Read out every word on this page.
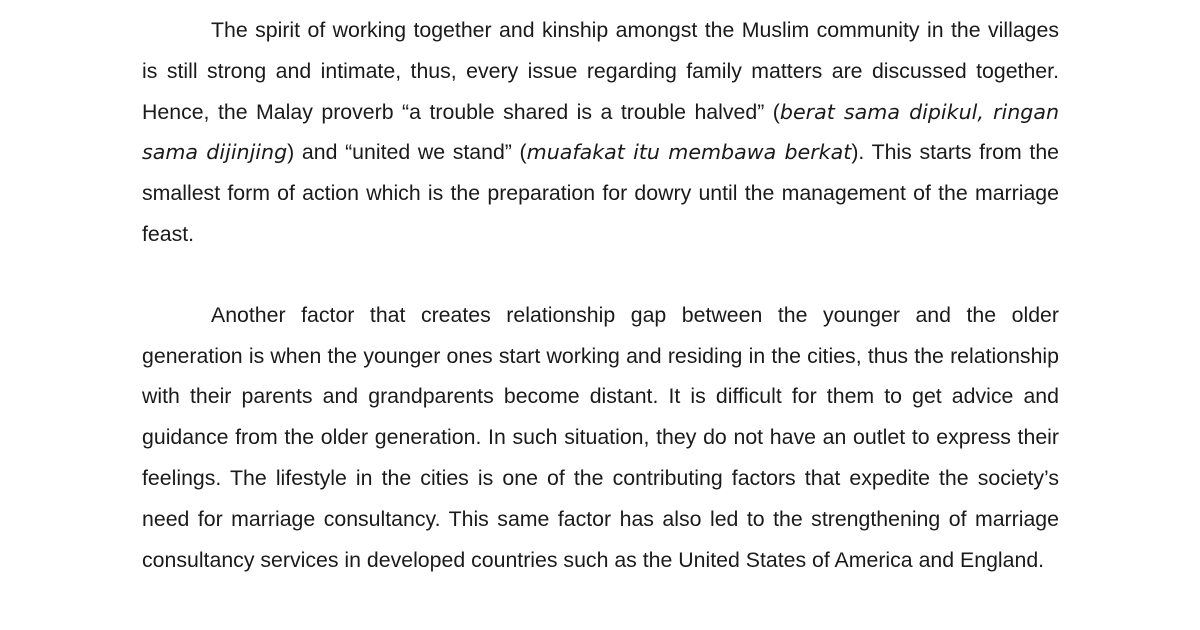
The spirit of working together and kinship amongst the Muslim community in the villages is still strong and intimate, thus, every issue regarding family matters are discussed together. Hence, the Malay proverb “a trouble shared is a trouble halved” (berat sama dipikul, ringan sama dijinjing) and “united we stand” (muafakat itu membawa berkat). This starts from the smallest form of action which is the preparation for dowry until the management of the marriage feast.

Another factor that creates relationship gap between the younger and the older generation is when the younger ones start working and residing in the cities, thus the relationship with their parents and grandparents become distant. It is difficult for them to get advice and guidance from the older generation. In such situation, they do not have an outlet to express their feelings. The lifestyle in the cities is one of the contributing factors that expedite the society’s need for marriage consultancy. This same factor has also led to the strengthening of marriage consultancy services in developed countries such as the United States of America and England.
